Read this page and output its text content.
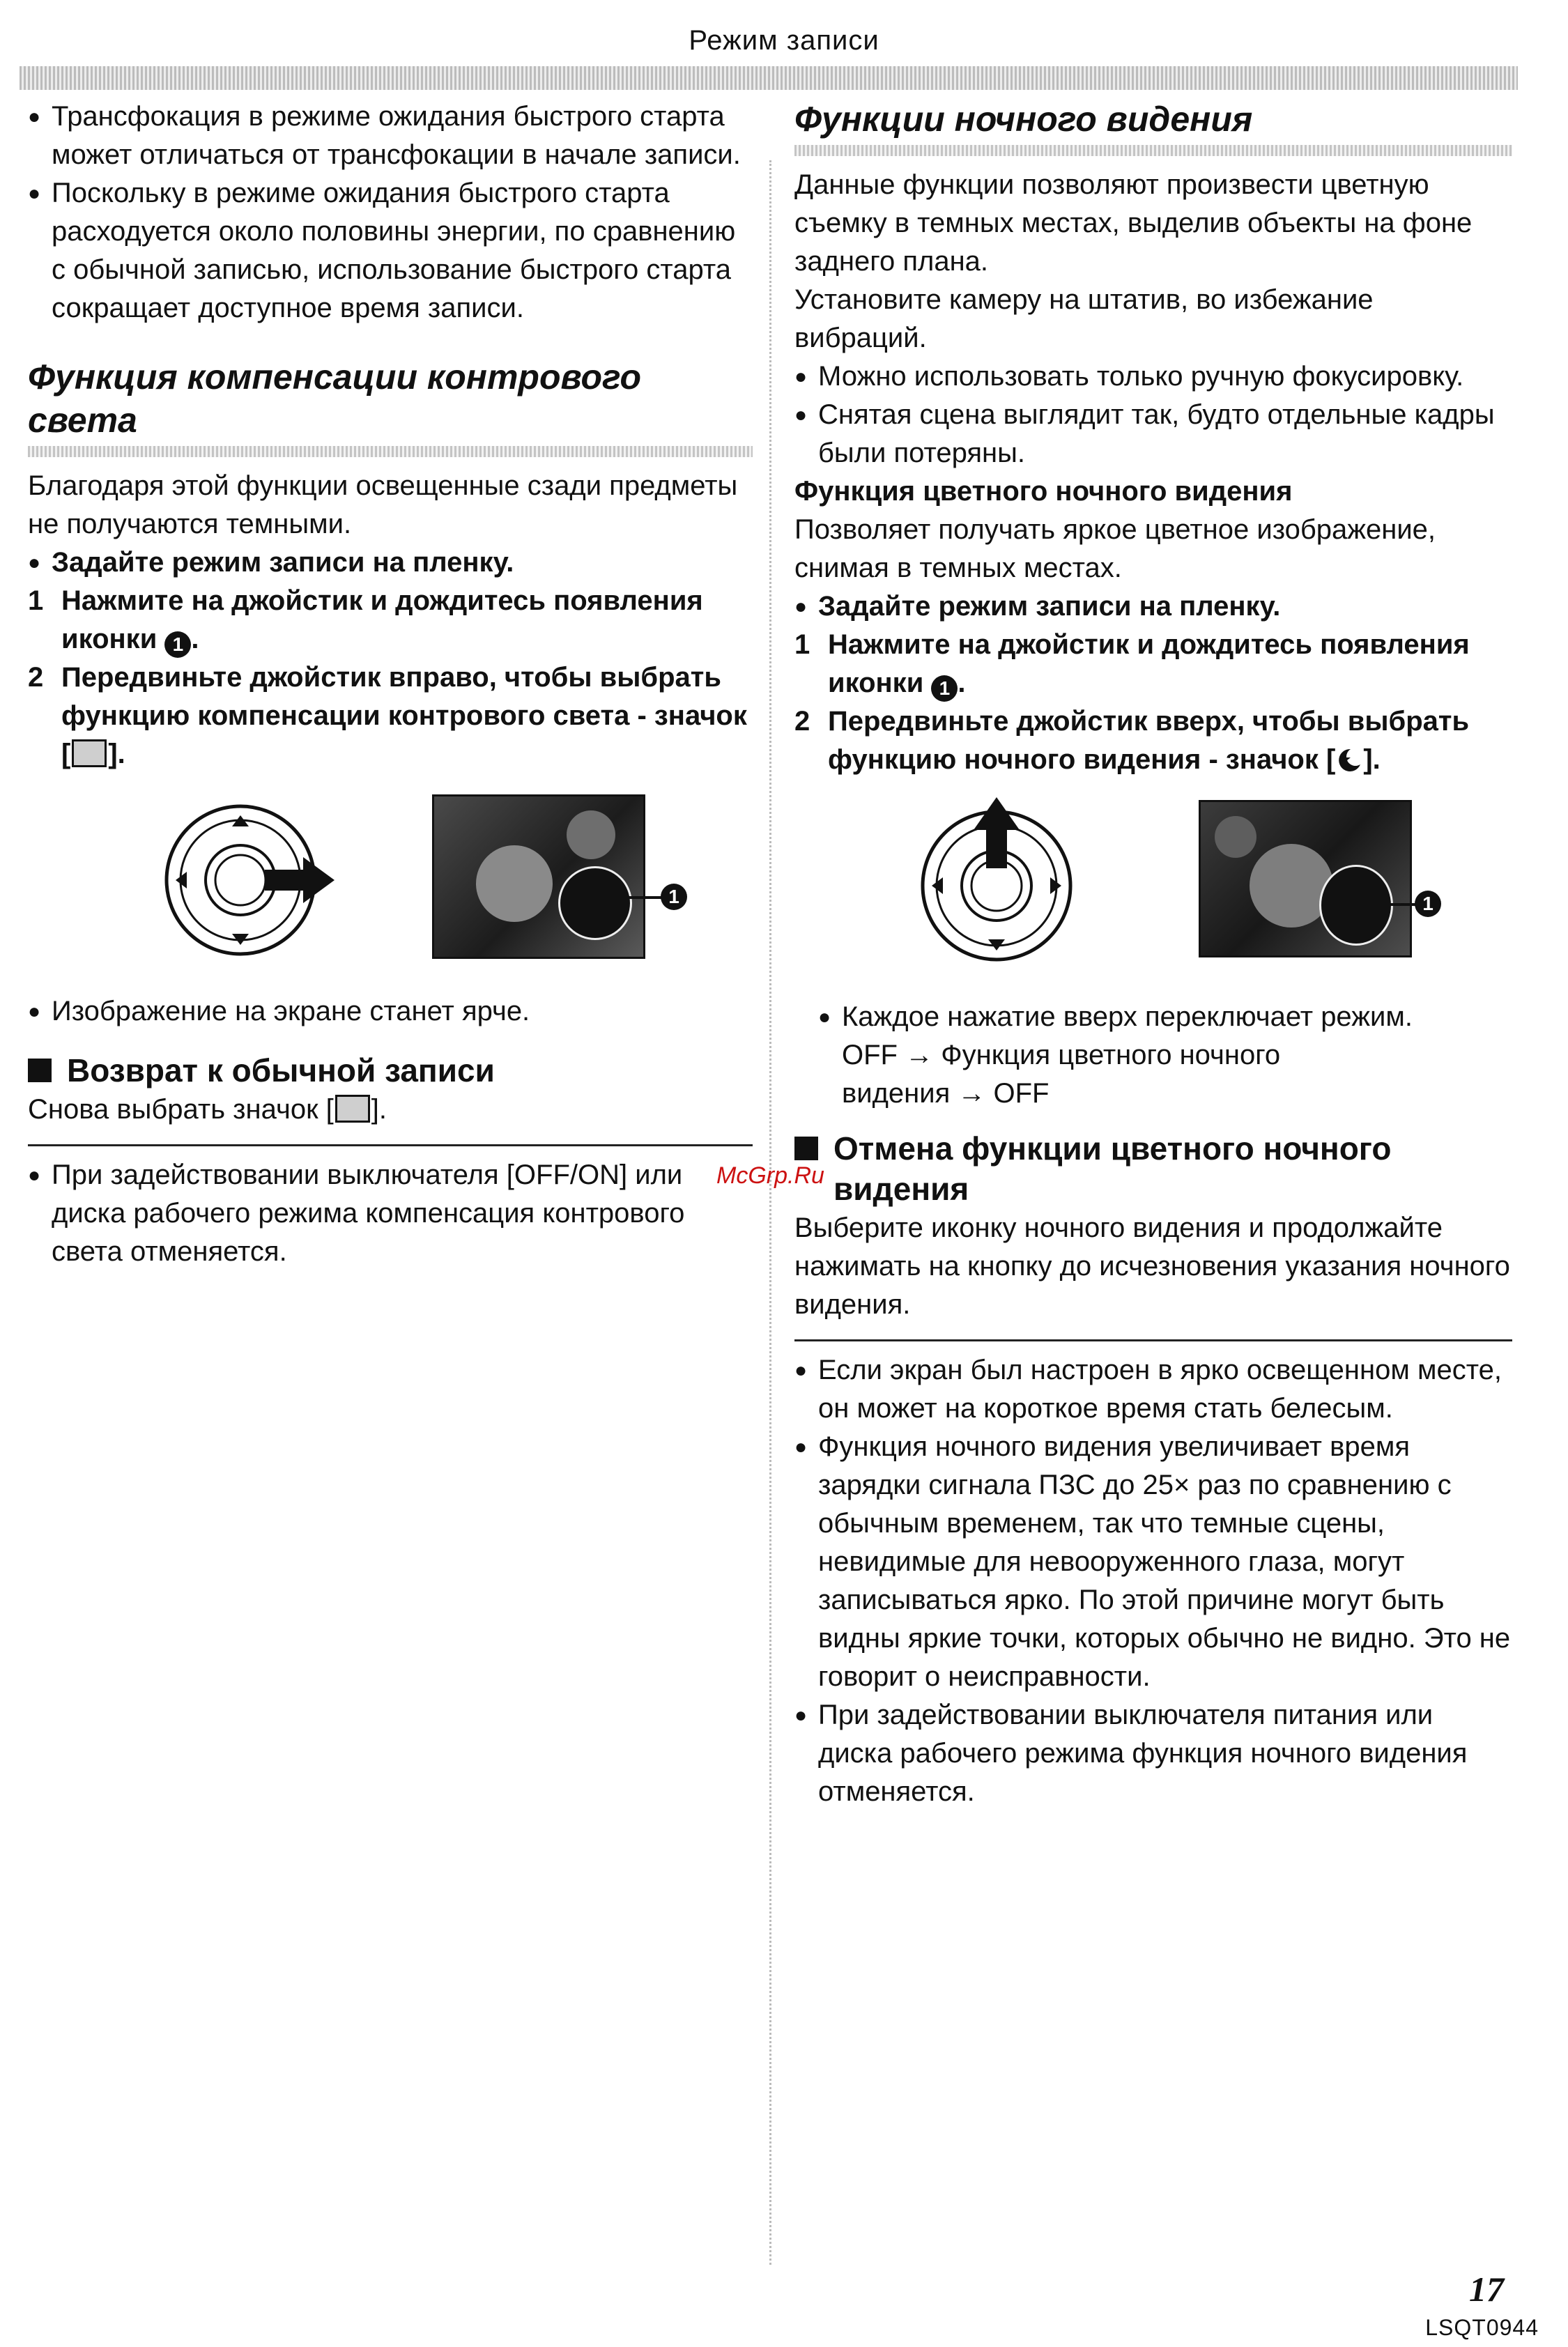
Режим записи
● Трансфокация в режиме ожидания быстрого старта может отличаться от трансфокации в начале записи.
● Поскольку в режиме ожидания быстрого старта расходуется около половины энергии, по сравнению с обычной записью, использование быстрого старта сокращает доступное время записи.

Функция компенсации контрового света

Благодаря этой функции освещенные сзади предметы не получаются темными.

● Задайте режим записи на пленку.
1 Нажмите на джойстик и дождитесь появления иконки 1 .
2 Передвиньте джойстик вправо, чтобы выбрать функцию компенсации контрового света - значок [ ].
1
● Изображение на экране станет ярче.
Возврат к обычной записи

Снова выбрать значок [ ].

● При задействовании выключателя [OFF/ON] или диска рабочего режима компенсация контрового света отменяется.

Функции ночного видения

Данные функции позволяют произвести цветную съемку в темных местах, выделив объекты на фоне заднего плана.

Установите камеру на штатив, во избежание вибраций.

● Можно использовать только ручную фокусировку.
● Снятая сцена выглядит так, будто отдельные кадры были потеряны.

Функция цветного ночного видения

Позволяет получать яркое цветное изображение, снимая в темных местах.

● Задайте режим записи на пленку.
1 Нажмите на джойстик и дождитесь появления иконки 1 .
2 Передвиньте джойстик вверх, чтобы выбрать функцию ночного видения - значок [ ].
1
● Каждое нажатие вверх переключает режим.

OFF → Функция цветного ночного

видения → OFF

Отмена функции цветного ночного видения

Выберите иконку ночного видения и продолжайте нажимать на кнопку до исчезновения указания ночного видения.

● Если экран был настроен в ярко освещенном месте, он может на короткое время стать белесым.
● Функция ночного видения увеличивает время зарядки сигнала ПЗС до 25× раз по сравнению с обычным временем, так что темные сцены, невидимые для невооруженного глаза, могут записываться ярко. По этой причине могут быть видны яркие точки, которых обычно не видно. Это не говорит о неисправности.
● При задействовании выключателя питания или диска рабочего режима функция ночного видения отменяется.
McGrp.Ru
17
LSQT0944
